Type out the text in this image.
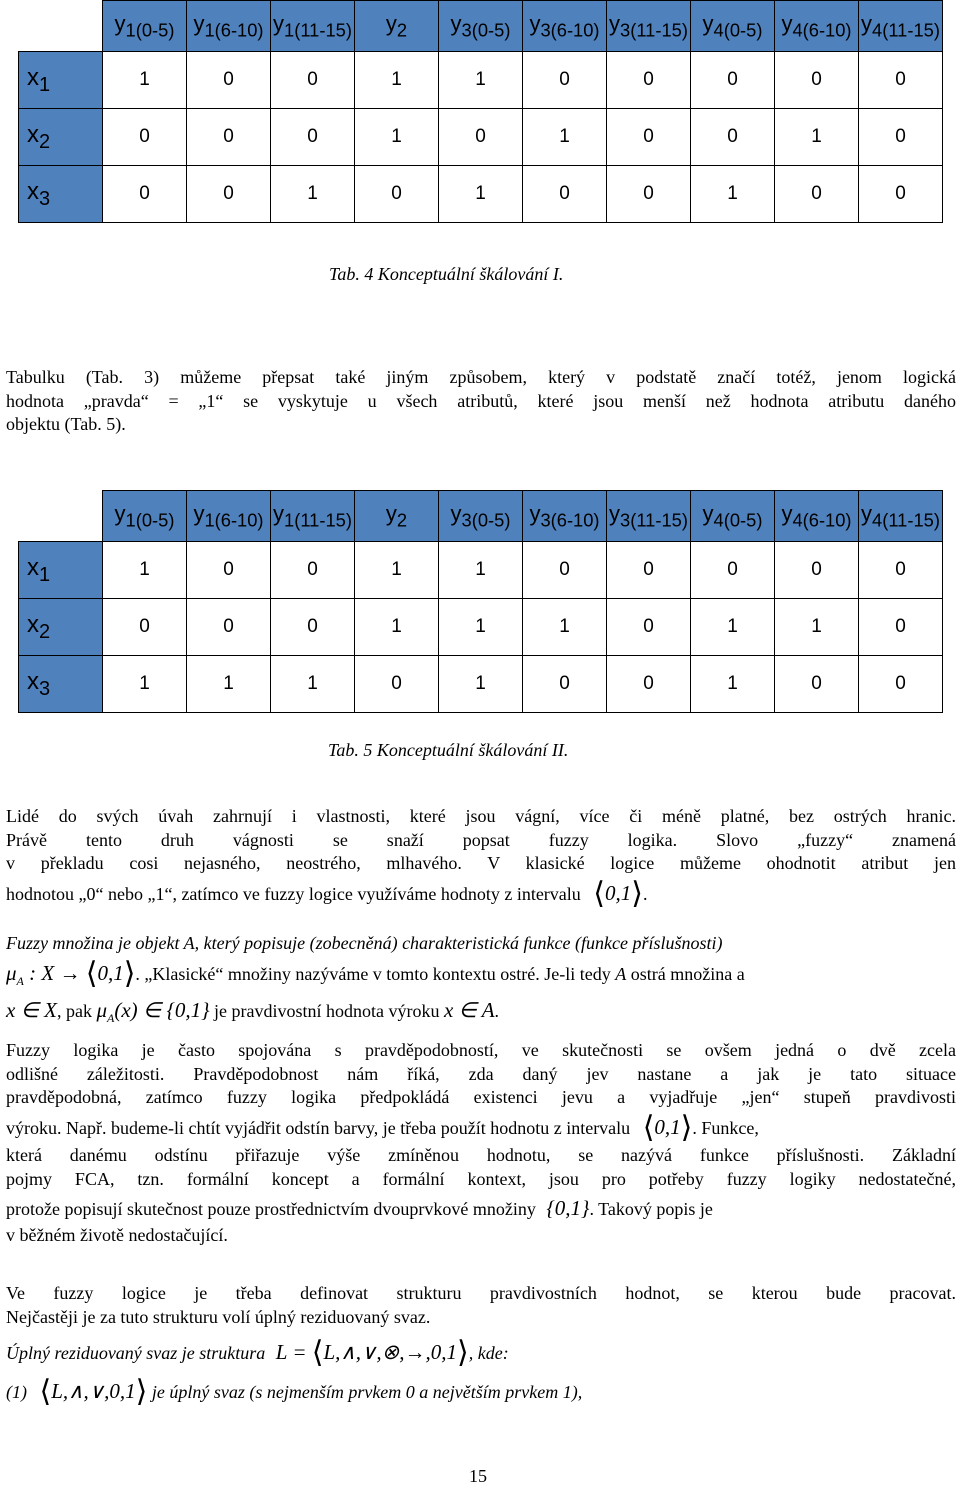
	$y_{1(0-5)}$	$y_{1(6-10)}$	$y_{1(11-15)}$	$y_2$	$y_{3(0-5)}$	$y_{3(6-10)}$	$y_{3(11-15)}$	$y_{4(0-5)}$	$y_{4(6-10)}$	$y_{4(11-15)}$
$x_1$	1	0	0	1	1	0	0	0	0	0
$x_2$	0	0	0	1	0	1	0	0	1	0
$x_3$	0	0	1	0	1	0	0	1	0	0
Tab. 4 Konceptuální škálování I.
Tabulku (Tab. 3) můžeme přepsat také jiným způsobem, který v podstatě značí totéž, jenom logická
hodnota „pravda“ = „1“ se vyskytuje u všech atributů, které jsou menší než hodnota atributu daného
objektu (Tab. 5).
	$y_{1(0-5)}$	$y_{1(6-10)}$	$y_{1(11-15)}$	$y_2$	$y_{3(0-5)}$	$y_{3(6-10)}$	$y_{3(11-15)}$	$y_{4(0-5)}$	$y_{4(6-10)}$	$y_{4(11-15)}$
$x_1$	1	0	0	1	1	0	0	0	0	0
$x_2$	0	0	0	1	1	1	0	1	1	0
$x_3$	1	1	1	0	1	0	0	1	0	0
Tab. 5 Konceptuální škálování II.
Lidé do svých úvah zahrnují i vlastnosti, které jsou vágní, více či méně platné, bez ostrých hranic.
Právě tento druh vágnosti se snaží popsat fuzzy logika. Slovo „fuzzy“ znamená
v překladu cosi nejasného, neostrého, mlhavého. V klasické logice můžeme ohodnotit atribut jen
hodnotou „0“ nebo „1“, zatímco ve fuzzy logice využíváme hodnoty z intervalu ⟨0,1⟩.
Fuzzy množina je objekt A, který popisuje (zobecněná) charakteristická funkce (funkce příslušnosti)
$\mu_A$ : X → ⟨0,1⟩. „Klasické“ množiny nazýváme v tomto kontextu ostré. Je-li tedy A ostrá množina a
x ∈ X, pak $\mu_A(x)$ ∈ {0,1} je pravdivostní hodnota výroku x ∈ A.
Fuzzy logika je často spojována s pravděpodobností, ve skutečnosti se ovšem jedná o dvě zcela
odlišné záležitosti. Pravděpodobnost nám říká, zda daný jev nastane a jak je tato situace
pravděpodobná, zatímco fuzzy logika předpokládá existenci jevu a vyjadřuje „jen“ stupeň pravdivosti
výroku. Např. budeme-li chtít vyjádřit odstín barvy, je třeba použít hodnotu z intervalu ⟨0,1⟩. Funkce,
která danému odstínu přiřazuje výše zmíněnou hodnotu, se nazývá funkce příslušnosti. Základní
pojmy FCA, tzn. formální koncept a formální kontext, jsou pro potřeby fuzzy logiky nedostatečné,
protože popisují skutečnost pouze prostřednictvím dvouprvkové množiny {0,1}. Takový popis je
v běžném životě nedostačující.
Ve fuzzy logice je třeba definovat strukturu pravdivostních hodnot, se kterou bude pracovat.
Nejčastěji je za tuto strukturu volí úplný reziduovaný svaz.
Úplný reziduovaný svaz je struktura L = ⟨L,∧,∨,⊗,→,0,1⟩, kde:
(1) ⟨L,∧,∨,0,1⟩ je úplný svaz (s nejmenším prvkem 0 a největším prvkem 1),
15
